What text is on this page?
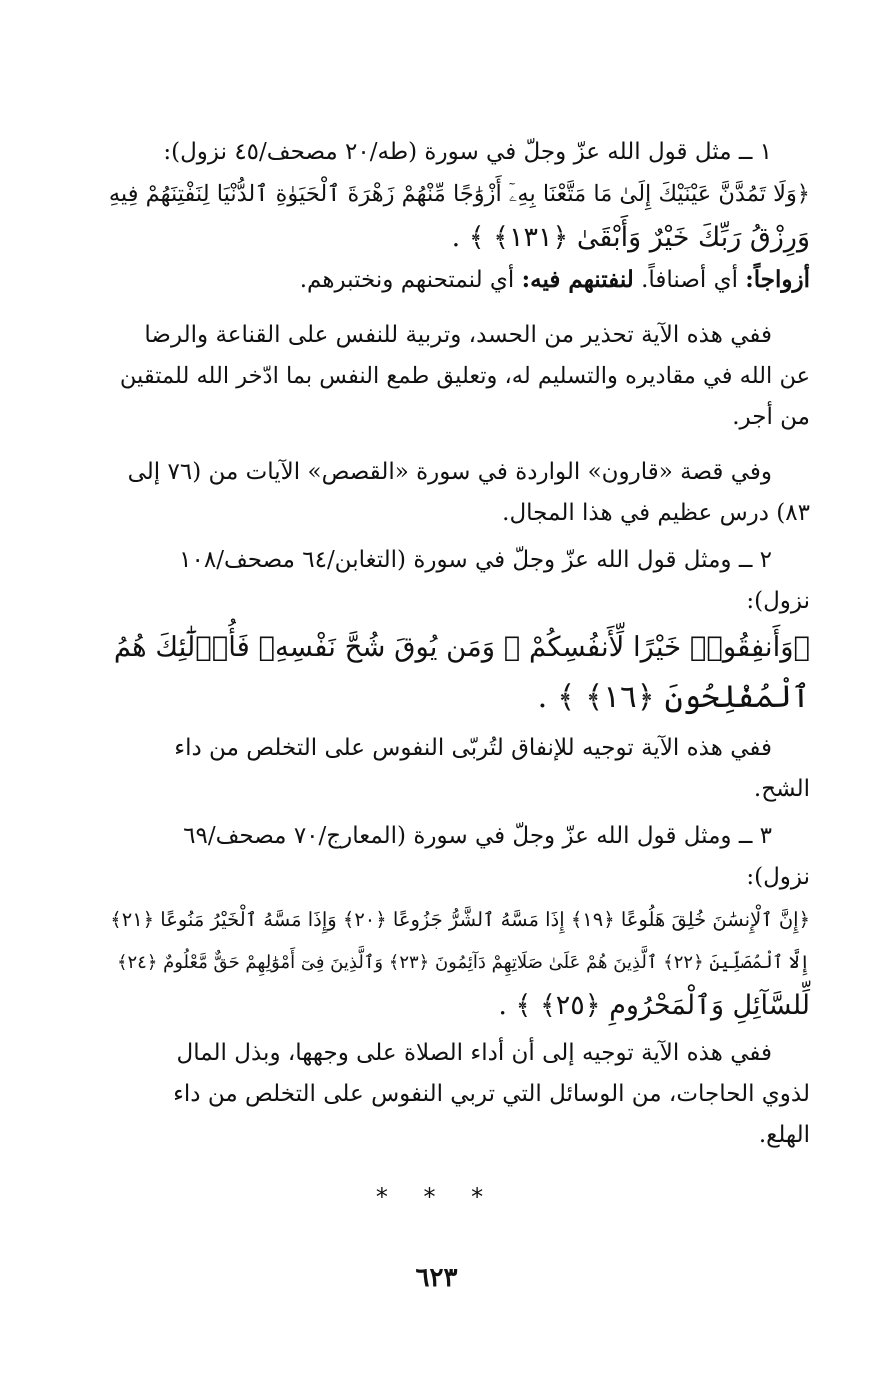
١ ــ مثل قول الله عزّ وجلّ في سورة (طه/٢٠ مصحف/٤٥ نزول):

﴿وَلَا تَمُدَّنَّ عَيْنَيْكَ إِلَىٰ مَا مَتَّعْنَا بِهِۦٓ أَزْوَٰجًا مِّنْهُمْ زَهْرَةَ ٱلْحَيَوٰةِ ٱلدُّنْيَا لِنَفْتِنَهُمْ فِيهِ

وَرِزْقُ رَبِّكَ خَيْرٌ وَأَبْقَىٰ ﴿١٣١﴾ ﴾ .

أزواجاً: أي أصنافاً. لنفتنهم فيه: أي لنمتحنهم ونختبرهم.

ففي هذه الآية تحذير من الحسد، وتربية للنفس على القناعة والرضا

عن الله في مقاديره والتسليم له، وتعليق طمع النفس بما ادّخر الله للمتقين

من أجر.

وفي قصة «قارون» الواردة في سورة «القصص» الآيات من (٧٦ إلى

٨٣) درس عظيم في هذا المجال.

٢ ــ ومثل قول الله عزّ وجلّ في سورة (التغابن/٦٤ مصحف/١٠٨

نزول):

﴿وَأَنفِقُوا۟ خَيْرًا لِّأَنفُسِكُمْ ۗ وَمَن يُوقَ شُحَّ نَفْسِهِۦ فَأُو۟لَٰٓئِكَ هُمُ

ٱلْمُفْلِحُونَ ﴿١٦﴾ ﴾ .

ففي هذه الآية توجيه للإنفاق لتُربّى النفوس على التخلص من داء

الشح.

٣ ــ ومثل قول الله عزّ وجلّ في سورة (المعارج/٧٠ مصحف/٦٩

نزول):

﴿إِنَّ ٱلْإِنسَٰنَ خُلِقَ هَلُوعًا ﴿١٩﴾ إِذَا مَسَّهُ ٱلشَّرُّ جَزُوعًا ﴿٢٠﴾ وَإِذَا مَسَّهُ ٱلْخَيْرُ مَنُوعًا ﴿٢١﴾

إِلَّا ٱلْمُصَلِّينَ ﴿٢٢﴾ ٱلَّذِينَ هُمْ عَلَىٰ صَلَاتِهِمْ دَآئِمُونَ ﴿٢٣﴾ وَٱلَّذِينَ فِىٓ أَمْوَٰلِهِمْ حَقٌّ مَّعْلُومٌ ﴿٢٤﴾

لِّلسَّآئِلِ وَٱلْمَحْرُومِ ﴿٢٥﴾ ﴾ .

ففي هذه الآية توجيه إلى أن أداء الصلاة على وجهها، وبذل المال

لذوي الحاجات، من الوسائل التي تربي النفوس على التخلص من داء

الهلع.

* * *
٦٢٣
